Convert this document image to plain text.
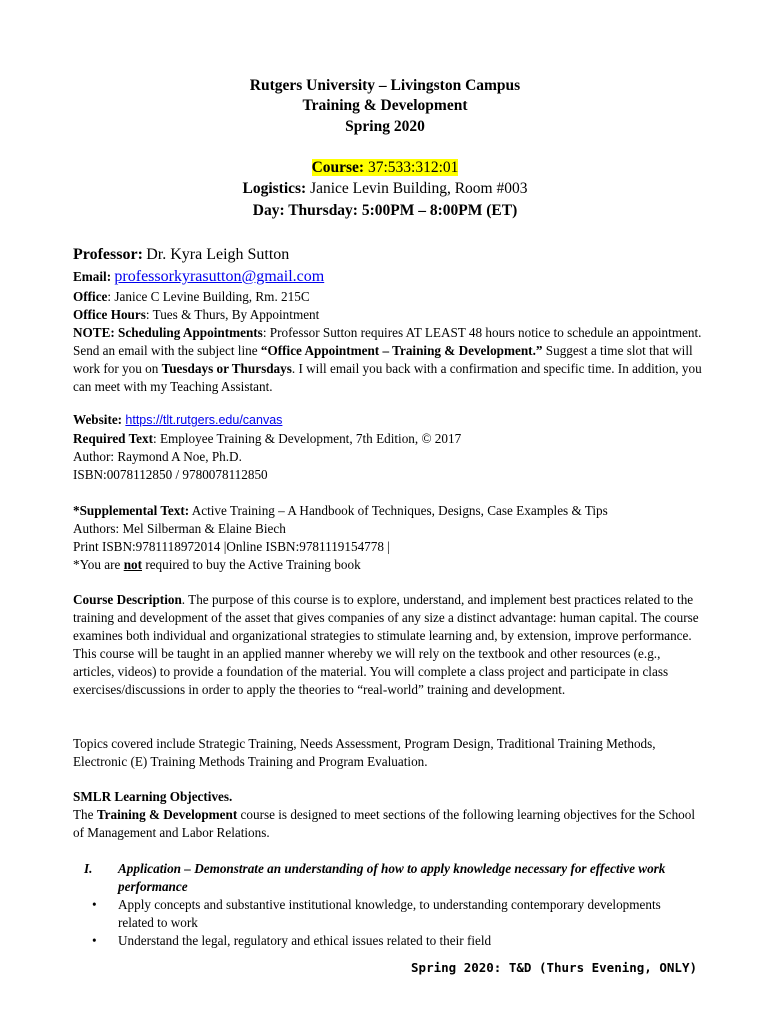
Rutgers University – Livingston Campus
Training & Development
Spring 2020
Course: 37:533:312:01
Logistics: Janice Levin Building, Room #003
Day: Thursday: 5:00PM – 8:00PM (ET)
Professor: Dr. Kyra Leigh Sutton
Email: professorkyrasutton@gmail.com
Office: Janice C Levine Building, Rm. 215C
Office Hours: Tues & Thurs, By Appointment
NOTE: Scheduling Appointments: Professor Sutton requires AT LEAST 48 hours notice to schedule an appointment. Send an email with the subject line “Office Appointment – Training & Development.” Suggest a time slot that will work for you on Tuesdays or Thursdays. I will email you back with a confirmation and specific time. In addition, you can meet with my Teaching Assistant.
Website: https://tlt.rutgers.edu/canvas
Required Text: Employee Training & Development, 7th Edition, © 2017
Author: Raymond A Noe, Ph.D.
ISBN:0078112850 / 9780078112850
*Supplemental Text: Active Training – A Handbook of Techniques, Designs, Case Examples & Tips
Authors: Mel Silberman & Elaine Biech
Print ISBN:9781118972014 |Online ISBN:9781119154778 |
*You are not required to buy the Active Training book
Course Description. The purpose of this course is to explore, understand, and implement best practices related to the training and development of the asset that gives companies of any size a distinct advantage: human capital. The course examines both individual and organizational strategies to stimulate learning and, by extension, improve performance. This course will be taught in an applied manner whereby we will rely on the textbook and other resources (e.g., articles, videos) to provide a foundation of the material. You will complete a class project and participate in class exercises/discussions in order to apply the theories to “real-world” training and development.
Topics covered include Strategic Training, Needs Assessment, Program Design, Traditional Training Methods, Electronic (E) Training Methods Training and Program Evaluation.
SMLR Learning Objectives.
The Training & Development course is designed to meet sections of the following learning objectives for the School of Management and Labor Relations.
I. Application – Demonstrate an understanding of how to apply knowledge necessary for effective work performance
• Apply concepts and substantive institutional knowledge, to understanding contemporary developments related to work
• Understand the legal, regulatory and ethical issues related to their field
Spring 2020: T&D (Thurs Evening, ONLY)
